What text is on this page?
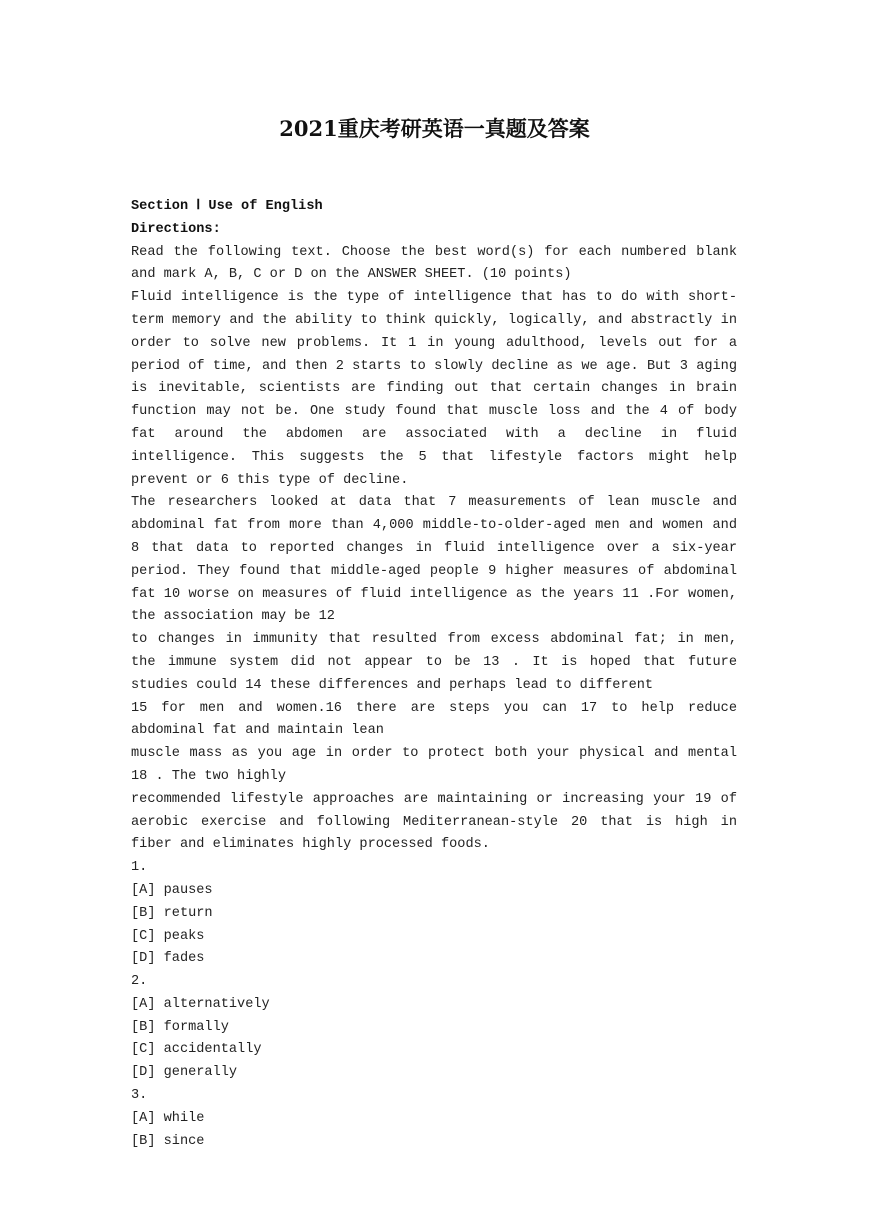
2021重庆考研英语一真题及答案
Section Ⅰ Use of English
Directions:

Read the following text. Choose the best word(s) for each numbered blank and mark A, B, C or D on the ANSWER SHEET. (10 points)

Fluid intelligence is the type of intelligence that has to do with short-term memory and the ability to think quickly, logically, and abstractly in order to solve new problems. It 1 in young adulthood, levels out for a period of time, and then 2 starts to slowly decline as we age. But 3 aging is inevitable, scientists are finding out that certain changes in brain function may not be. One study found that muscle loss and the 4 of body fat around the abdomen are associated with a decline in fluid intelligence. This suggests the 5 that lifestyle factors might help prevent or 6 this type of decline.

The researchers looked at data that 7 measurements of lean muscle and abdominal fat from more than 4,000 middle-to-older-aged men and women and 8 that data to reported changes in fluid intelligence over a six-year period. They found that middle-aged people 9 higher measures of abdominal fat 10 worse on measures of fluid intelligence as the years 11 .For women, the association may be 12

to changes in immunity that resulted from excess abdominal fat; in men, the immune system did not appear to be 13 . It is hoped that future studies could 14 these differences and perhaps lead to different

15 for men and women.16 there are steps you can 17 to help reduce abdominal fat and maintain lean

muscle mass as you age in order to protect both your physical and mental 18 . The two highly

recommended lifestyle approaches are maintaining or increasing your 19 of aerobic exercise and following Mediterranean-style 20 that is high in fiber and eliminates highly processed foods.

1.
[A] pauses
[B] return
[C] peaks
[D] fades
2.
[A] alternatively
[B] formally
[C] accidentally
[D] generally
3.
[A] while
[B] since
